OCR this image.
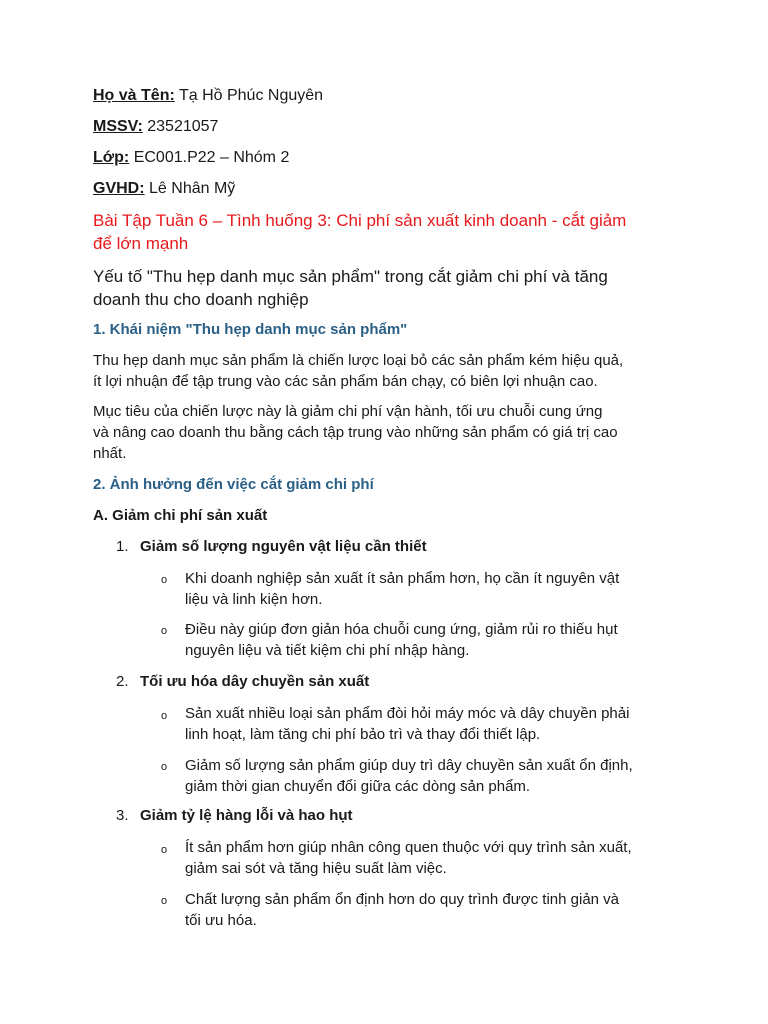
Họ và Tên: Tạ Hồ Phúc Nguyên
MSSV: 23521057
Lớp: EC001.P22 – Nhóm 2
GVHD: Lê Nhân Mỹ
Bài Tập Tuần 6 – Tình huống 3: Chi phí sản xuất kinh doanh - cắt giảm
để lớn mạnh
Yếu tố "Thu hẹp danh mục sản phẩm" trong cắt giảm chi phí và tăng
doanh thu cho doanh nghiệp
1. Khái niệm "Thu hẹp danh mục sản phẩm"
Thu hẹp danh mục sản phẩm là chiến lược loại bỏ các sản phẩm kém hiệu quả,
ít lợi nhuận để tập trung vào các sản phẩm bán chạy, có biên lợi nhuận cao.
Mục tiêu của chiến lược này là giảm chi phí vận hành, tối ưu chuỗi cung ứng
và nâng cao doanh thu bằng cách tập trung vào những sản phẩm có giá trị cao
nhất.
2. Ảnh hưởng đến việc cắt giảm chi phí
A. Giảm chi phí sản xuất
1. Giảm số lượng nguyên vật liệu cần thiết
o Khi doanh nghiệp sản xuất ít sản phẩm hơn, họ cần ít nguyên vật
liệu và linh kiện hơn.
o Điều này giúp đơn giản hóa chuỗi cung ứng, giảm rủi ro thiếu hụt
nguyên liệu và tiết kiệm chi phí nhập hàng.
2. Tối ưu hóa dây chuyền sản xuất
o Sản xuất nhiều loại sản phẩm đòi hỏi máy móc và dây chuyền phải
linh hoạt, làm tăng chi phí bảo trì và thay đổi thiết lập.
o Giảm số lượng sản phẩm giúp duy trì dây chuyền sản xuất ổn định,
giảm thời gian chuyển đổi giữa các dòng sản phẩm.
3. Giảm tỷ lệ hàng lỗi và hao hụt
o Ít sản phẩm hơn giúp nhân công quen thuộc với quy trình sản xuất,
giảm sai sót và tăng hiệu suất làm việc.
o Chất lượng sản phẩm ổn định hơn do quy trình được tinh giản và
tối ưu hóa.
